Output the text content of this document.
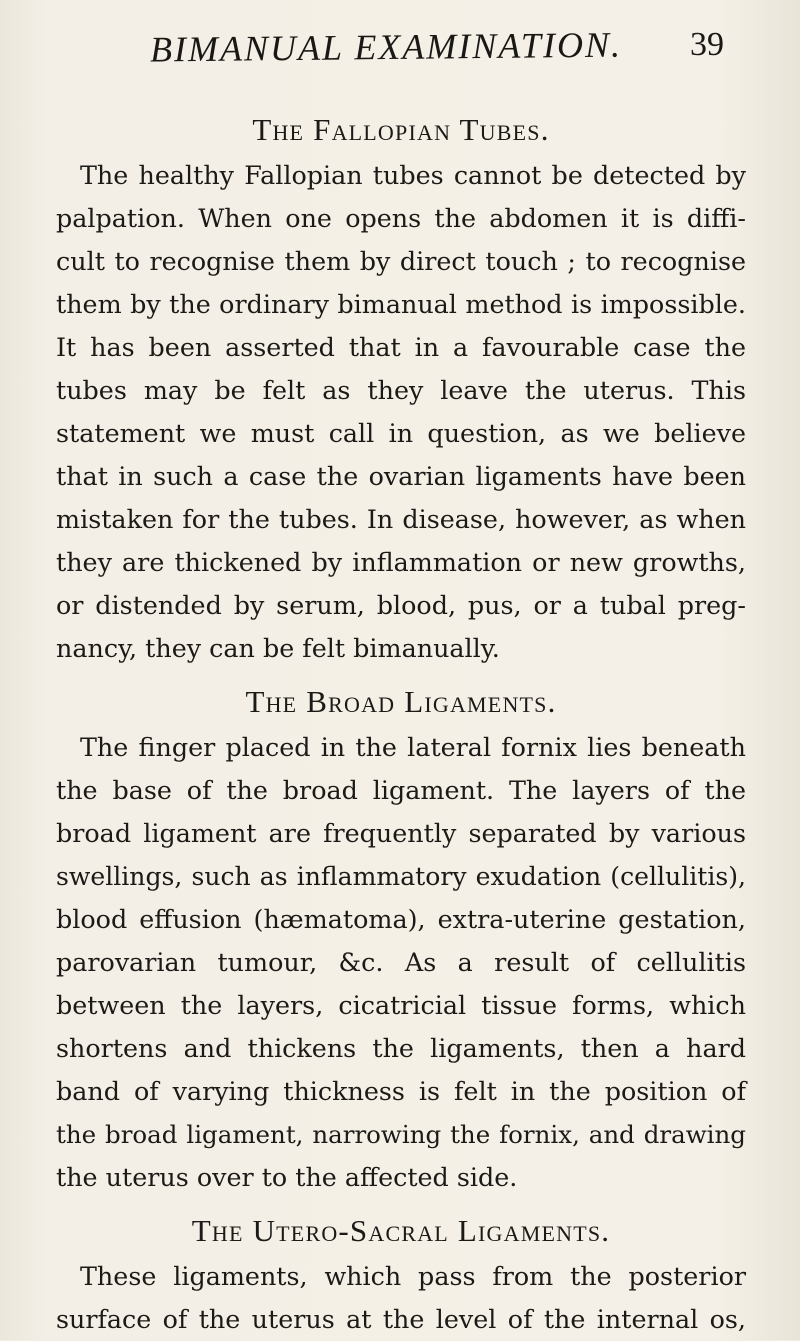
BIMANUAL EXAMINATION. 39
The Fallopian Tubes.
The healthy Fallopian tubes cannot be detected by
palpation. When one opens the abdomen it is diffi-
cult to recognise them by direct touch ; to recognise
them by the ordinary bimanual method is impossible.
It has been asserted that in a favourable case the
tubes may be felt as they leave the uterus. This
statement we must call in question, as we believe
that in such a case the ovarian ligaments have been
mistaken for the tubes. In disease, however, as when
they are thickened by inflammation or new growths,
or distended by serum, blood, pus, or a tubal preg-
nancy, they can be felt bimanually.
The Broad Ligaments.
The finger placed in the lateral fornix lies beneath
the base of the broad ligament. The layers of the
broad ligament are frequently separated by various
swellings, such as inflammatory exudation (cellulitis),
blood effusion (hæmatoma), extra-uterine gestation,
parovarian tumour, &c. As a result of cellulitis
between the layers, cicatricial tissue forms, which
shortens and thickens the ligaments, then a hard
band of varying thickness is felt in the position of
the broad ligament, narrowing the fornix, and drawing
the uterus over to the affected side.
The Utero-Sacral Ligaments.
These ligaments, which pass from the posterior
surface of the uterus at the level of the internal os,
